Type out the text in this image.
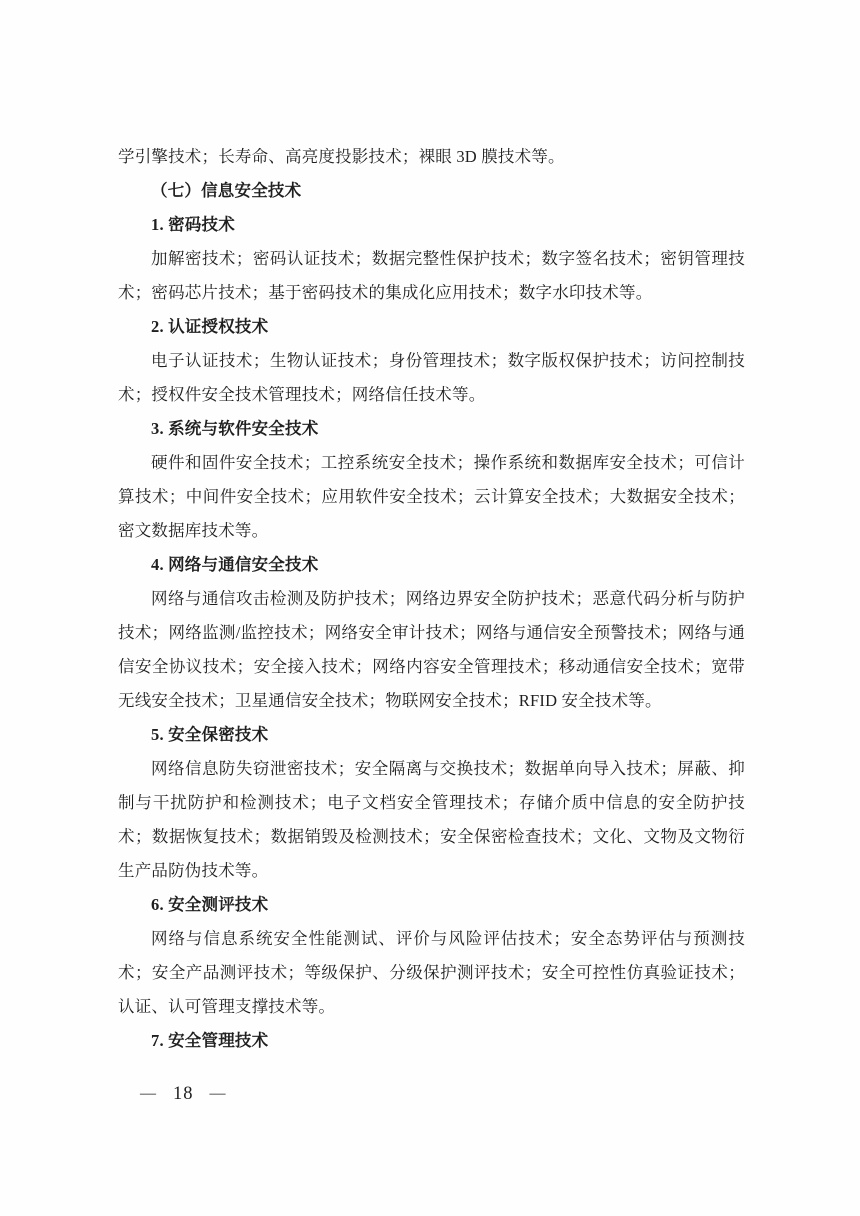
学引擎技术；长寿命、高亮度投影技术；裸眼 3D 膜技术等。

（七）信息安全技术

1. 密码技术

加解密技术；密码认证技术；数据完整性保护技术；数字签名技术；密钥管理技术；密码芯片技术；基于密码技术的集成化应用技术；数字水印技术等。

2. 认证授权技术

电子认证技术；生物认证技术；身份管理技术；数字版权保护技术；访问控制技术；授权件安全技术管理技术；网络信任技术等。

3. 系统与软件安全技术

硬件和固件安全技术；工控系统安全技术；操作系统和数据库安全技术；可信计算技术；中间件安全技术；应用软件安全技术；云计算安全技术；大数据安全技术；密文数据库技术等。

4. 网络与通信安全技术

网络与通信攻击检测及防护技术；网络边界安全防护技术；恶意代码分析与防护技术；网络监测/监控技术；网络安全审计技术；网络与通信安全预警技术；网络与通信安全协议技术；安全接入技术；网络内容安全管理技术；移动通信安全技术；宽带无线安全技术；卫星通信安全技术；物联网安全技术；RFID 安全技术等。

5. 安全保密技术

网络信息防失窃泄密技术；安全隔离与交换技术；数据单向导入技术；屏蔽、抑制与干扰防护和检测技术；电子文档安全管理技术；存储介质中信息的安全防护技术；数据恢复技术；数据销毁及检测技术；安全保密检查技术；文化、文物及文物衍生产品防伪技术等。

6. 安全测评技术

网络与信息系统安全性能测试、评价与风险评估技术；安全态势评估与预测技术；安全产品测评技术；等级保护、分级保护测评技术；安全可控性仿真验证技术；认证、认可管理支撑技术等。

7. 安全管理技术

— 18 —
